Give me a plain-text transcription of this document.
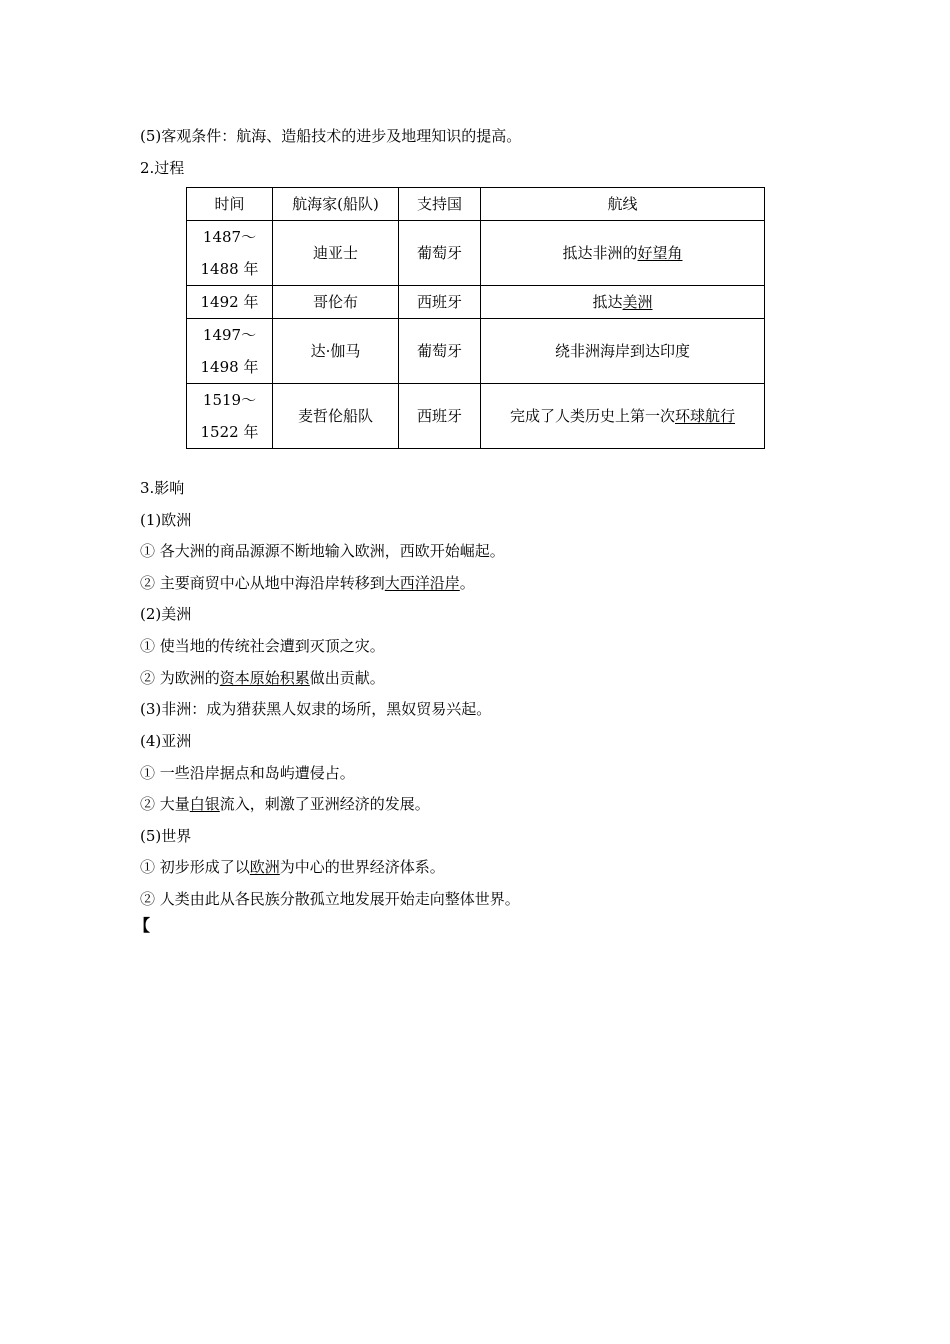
(5)客观条件：航海、造船技术的进步及地理知识的提高。
2.过程
时间	航海家(船队)	支持国	航线

1487～
1488 年	迪亚士	葡萄牙	抵达非洲的好望角
1492 年	哥伦布	西班牙	抵达美洲

1497～
1498 年	达·伽马	葡萄牙	绕非洲海岸到达印度

1519～
1522 年	麦哲伦船队	西班牙	完成了人类历史上第一次环球航行
3.影响
(1)欧洲
① 各大洲的商品源源不断地输入欧洲，西欧开始崛起。
② 主要商贸中心从地中海沿岸转移到大西洋沿岸。
(2)美洲
① 使当地的传统社会遭到灭顶之灾。
② 为欧洲的资本原始积累做出贡献。
(3)非洲：成为猎获黑人奴隶的场所，黑奴贸易兴起。
(4)亚洲
① 一些沿岸据点和岛屿遭侵占。
② 大量白银流入，刺激了亚洲经济的发展。
(5)世界
① 初步形成了以欧洲为中心的世界经济体系。
② 人类由此从各民族分散孤立地发展开始走向整体世界。
【
